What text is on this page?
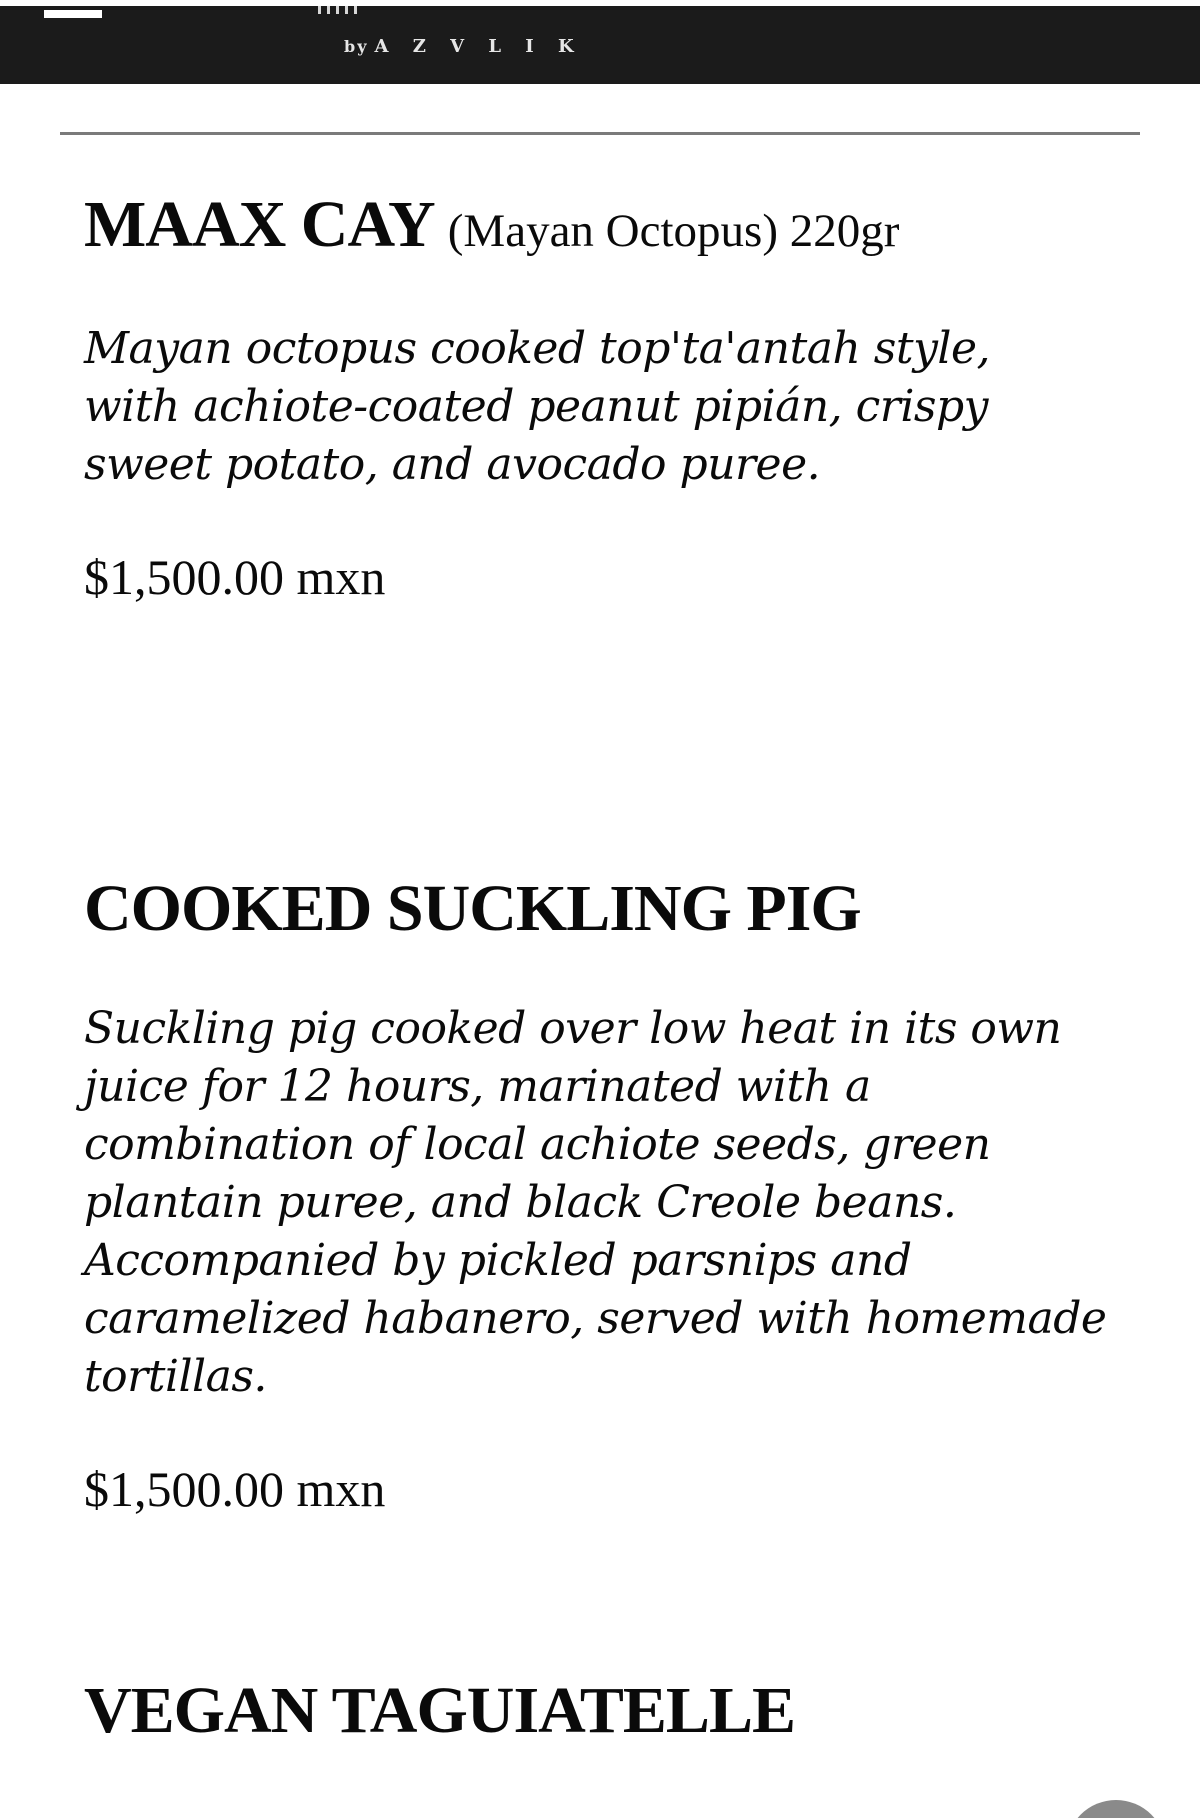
by A Z V L I K
MAAX CAY (Mayan Octopus) 220gr

Mayan octopus cooked top'ta'antah style, with achiote-coated peanut pipián, crispy sweet potato, and avocado puree.

$1,500.00 mxn

COOKED SUCKLING PIG

Suckling pig cooked over low heat in its own juice for 12 hours, marinated with a combination of local achiote seeds, green plantain puree, and black Creole beans. Accompanied by pickled parsnips and caramelized habanero, served with homemade tortillas.

$1,500.00 mxn

VEGAN TAGUIATELLE
